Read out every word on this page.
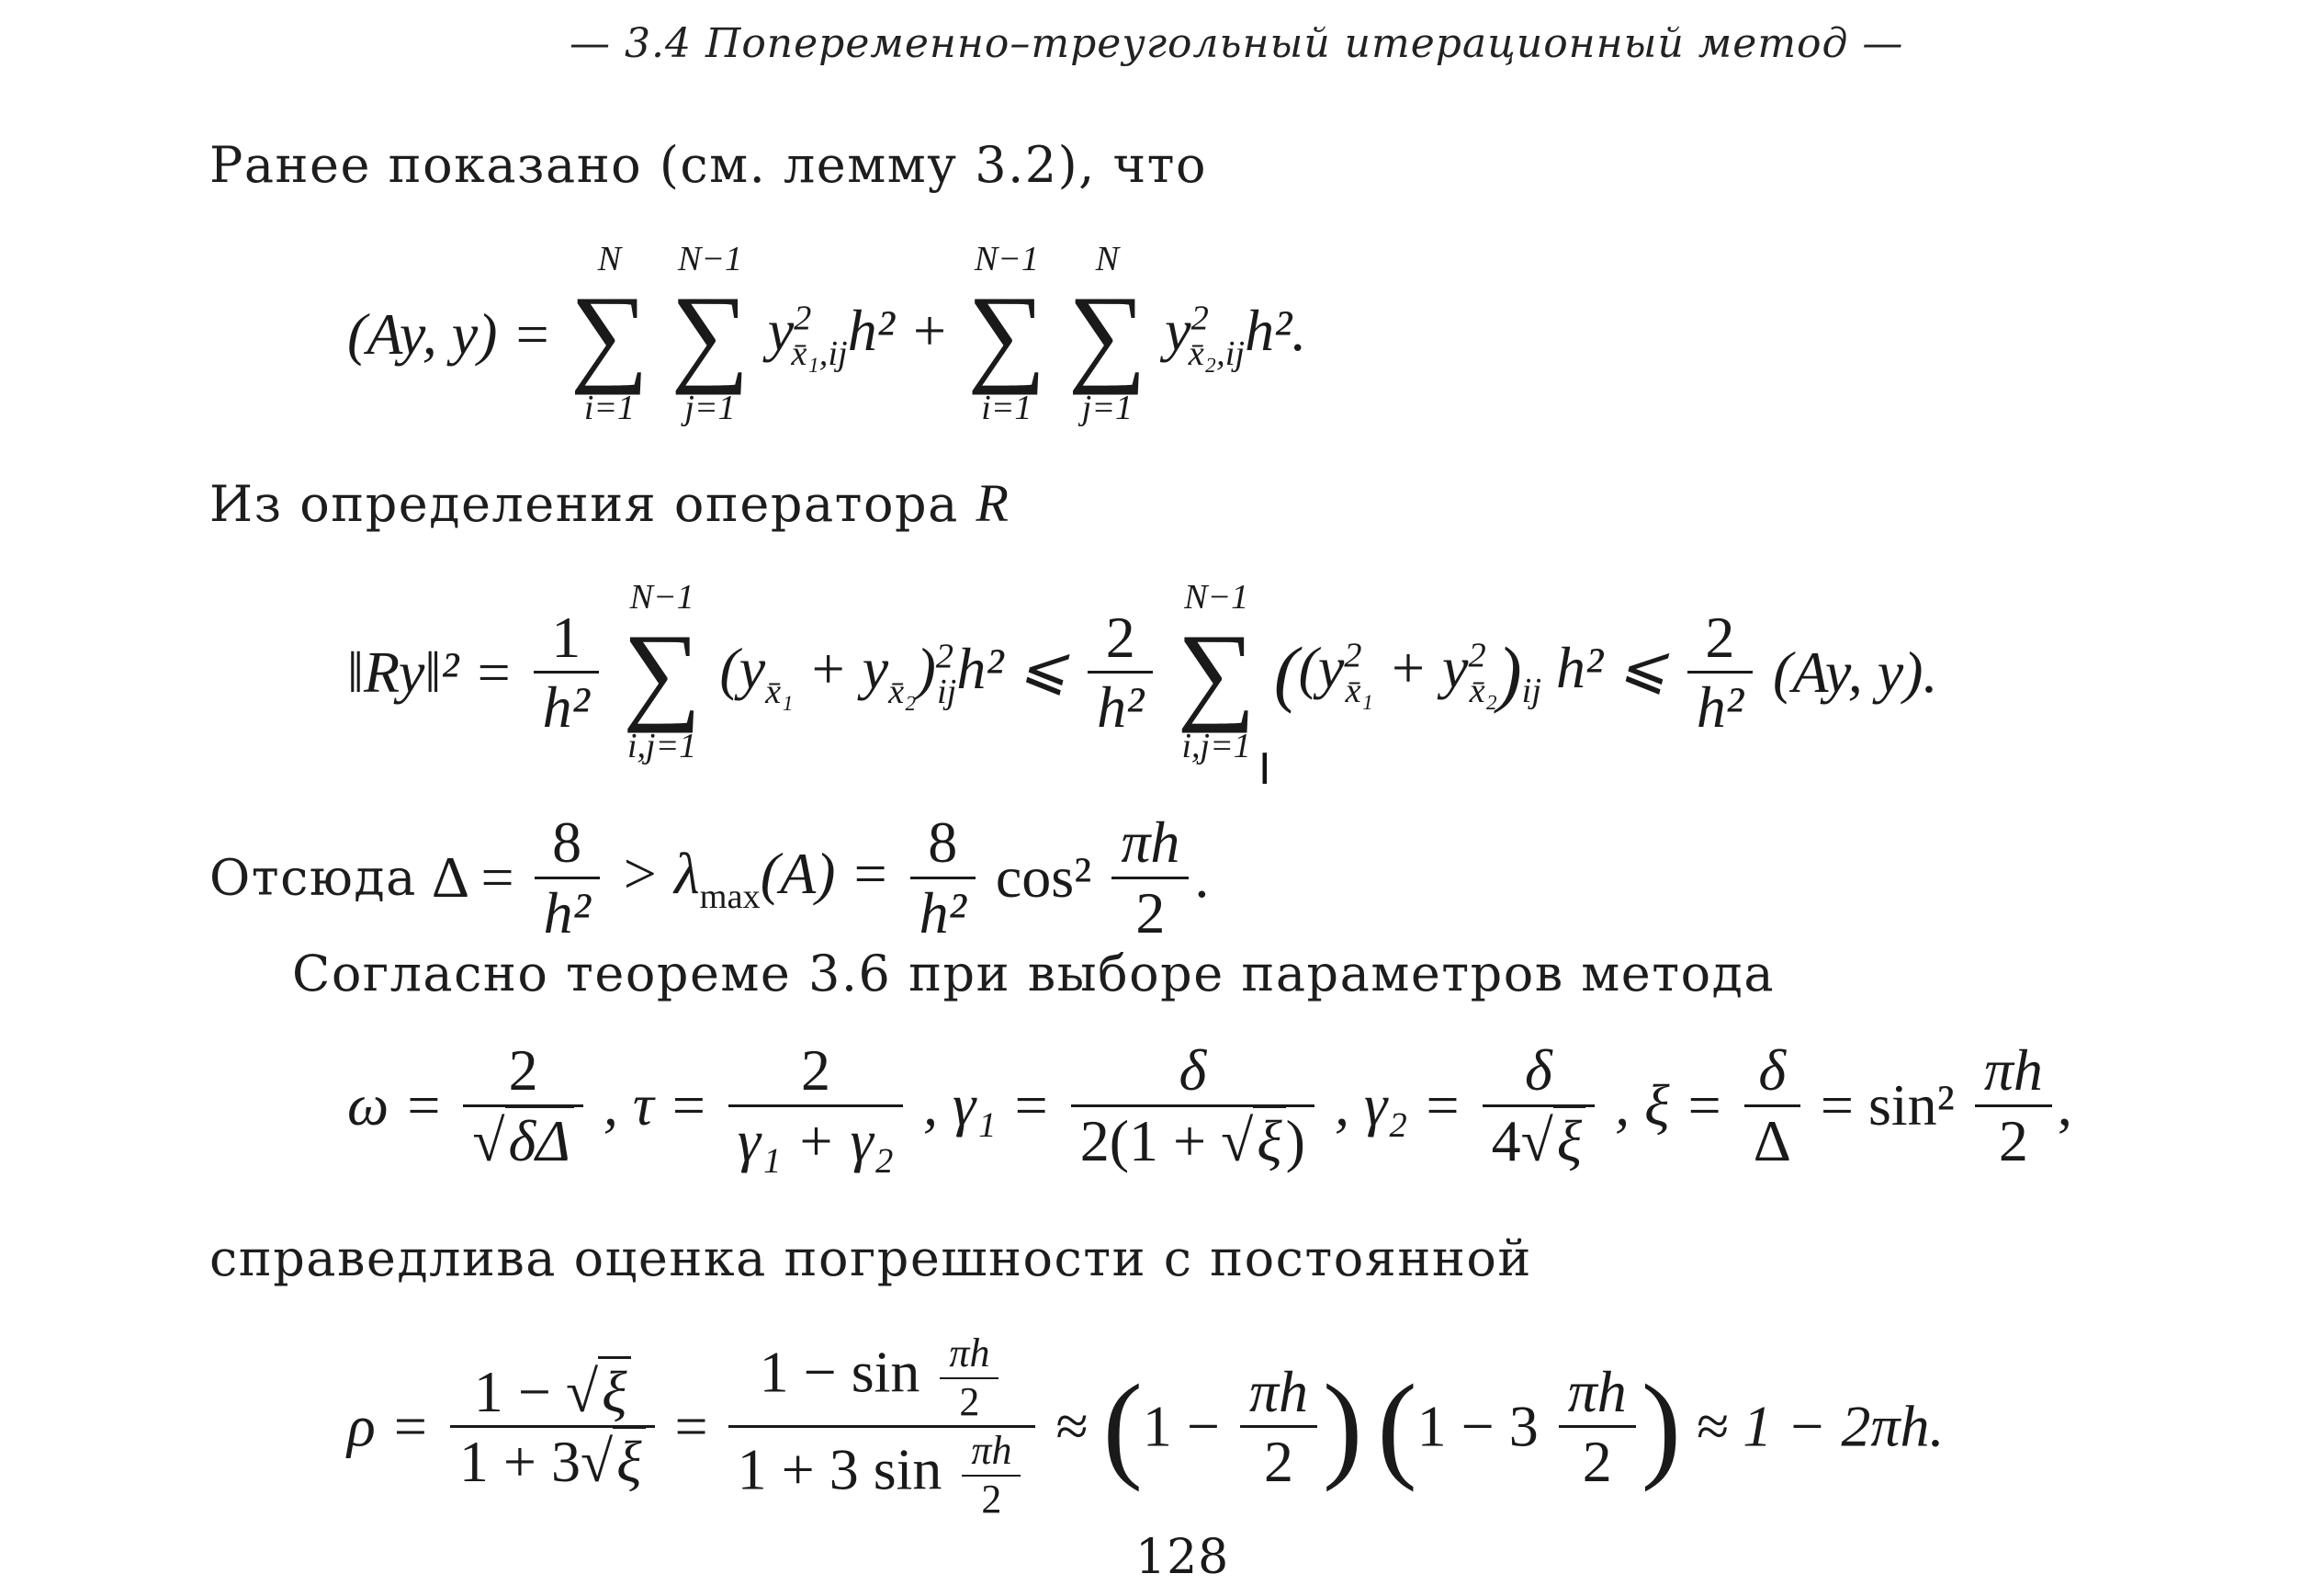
— 3.4 Попеременно–треугольный итерационный метод —
Ранее показано (см. лемму 3.2), что
(Ay, y) =
N
∑
i=1

N−1
∑
j=1
$y^2_{x̄_1,ij}h^2$ +
N−1
∑
i=1

N
∑
j=1
$y^2_{x̄_2,ij}h^2$.
Из определения оператора R
‖Ry‖² = $\frac{1}{\text{h²}}$

N−1
∑
i,j=1
$(y_{x̄_1} + y_{x̄_2})^2_{ij}h^2$ ⩽ $\frac{2}{\text{h²}}$

N−1
∑
i,j=1
($(y^2_{x̄_1} + y^2_{x̄_2})_{ij}$ h² ⩽ $\frac{2}{\text{h²}} (Ay$, y).
I
Отсюда $\Delta = \frac{8}{\text{h²}} > \lambda_{max}(A) = \frac{8}{\text{h²}} \cos^2 \frac{\pi h}{2}$ .
Согласно теореме 3.6 при выборе параметров метода
$\omega = \frac{2}{√\delta\Delta}$ , $\tau = \frac{2}{\text{γ₁ + γ₂}}$ , $\gamma_1 = \frac{\delta}{2(1 + √\xi)}$ , $\gamma_2 = \frac{\delta}{4√\xi}$ , $\xi = \frac{\delta}{\Delta} = \sin^2 \frac{\pi h}{2}$ ,
справедлива оценка погрешности с постоянной
$\rho = \frac{1 - √\xi}{1 + 3√\xi} = \frac{1 - \sin \frac{\pi h}{2}}{1 + 3 \sin \frac{\pi h}{2}} \approx (1 - \frac{\pi h}{2}$ ) ($1 - 3 \frac{\pi h}{2}$ ) ≈ 1 − 2πh.
128
